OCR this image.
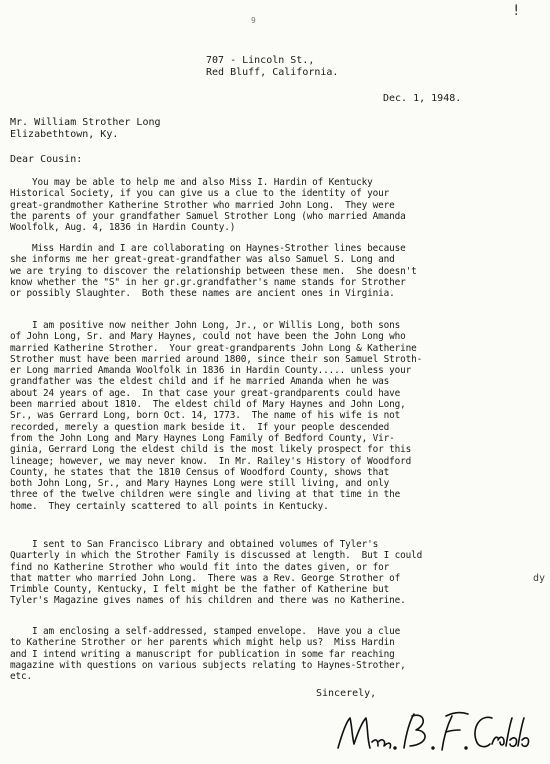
9
!
dy
707 - Lincoln St.,
Red Bluff, California.
Dec. 1, 1948.
Mr. William Strother Long
Elizabethtown, Ky.
Dear Cousin:
You may be able to help me and also Miss I. Hardin of Kentucky
Historical Society, if you can give us a clue to the identity of your
great-grandmother Katherine Strother who married John Long.  They were
the parents of your grandfather Samuel Strother Long (who married Amanda
Woolfolk, Aug. 4, 1836 in Hardin County.)
Miss Hardin and I are collaborating on Haynes-Strother lines because
she informs me her great-great-grandfather was also Samuel S. Long and
we are trying to discover the relationship between these men.  She doesn't
know whether the "S" in her gr.gr.grandfather's name stands for Strother
or possibly Slaughter.  Both these names are ancient ones in Virginia.
I am positive now neither John Long, Jr., or Willis Long, both sons
of John Long, Sr. and Mary Haynes, could not have been the John Long who
married Katherine Strother.  Your great-grandparents John Long & Katherine
Strother must have been married around 1800, since their son Samuel Stroth-
er Long married Amanda Woolfolk in 1836 in Hardin County..... unless your
grandfather was the eldest child and if he married Amanda when he was
about 24 years of age.  In that case your great-grandparents could have
been married about 1810.  The eldest child of Mary Haynes and John Long,
Sr., was Gerrard Long, born Oct. 14, 1773.  The name of his wife is not
recorded, merely a question mark beside it.  If your people descended
from the John Long and Mary Haynes Long Family of Bedford County, Vir-
ginia, Gerrard Long the eldest child is the most likely prospect for this
lineage; however, we may never know.  In Mr. Railey's History of Woodford
County, he states that the 1810 Census of Woodford County, shows that
both John Long, Sr., and Mary Haynes Long were still living, and only
three of the twelve children were single and living at that time in the
home.  They certainly scattered to all points in Kentucky.
I sent to San Francisco Library and obtained volumes of Tyler's
Quarterly in which the Strother Family is discussed at length.  But I could
find no Katherine Strother who would fit into the dates given, or for
that matter who married John Long.  There was a Rev. George Strother of
Trimble County, Kentucky, I felt might be the father of Katherine but
Tyler's Magazine gives names of his children and there was no Katherine.
I am enclosing a self-addressed, stamped envelope.  Have you a clue
to Katherine Strother or her parents which might help us?  Miss Hardin
and I intend writing a manuscript for publication in some far reaching
magazine with questions on various subjects relating to Haynes-Strother,
etc.
Sincerely,
